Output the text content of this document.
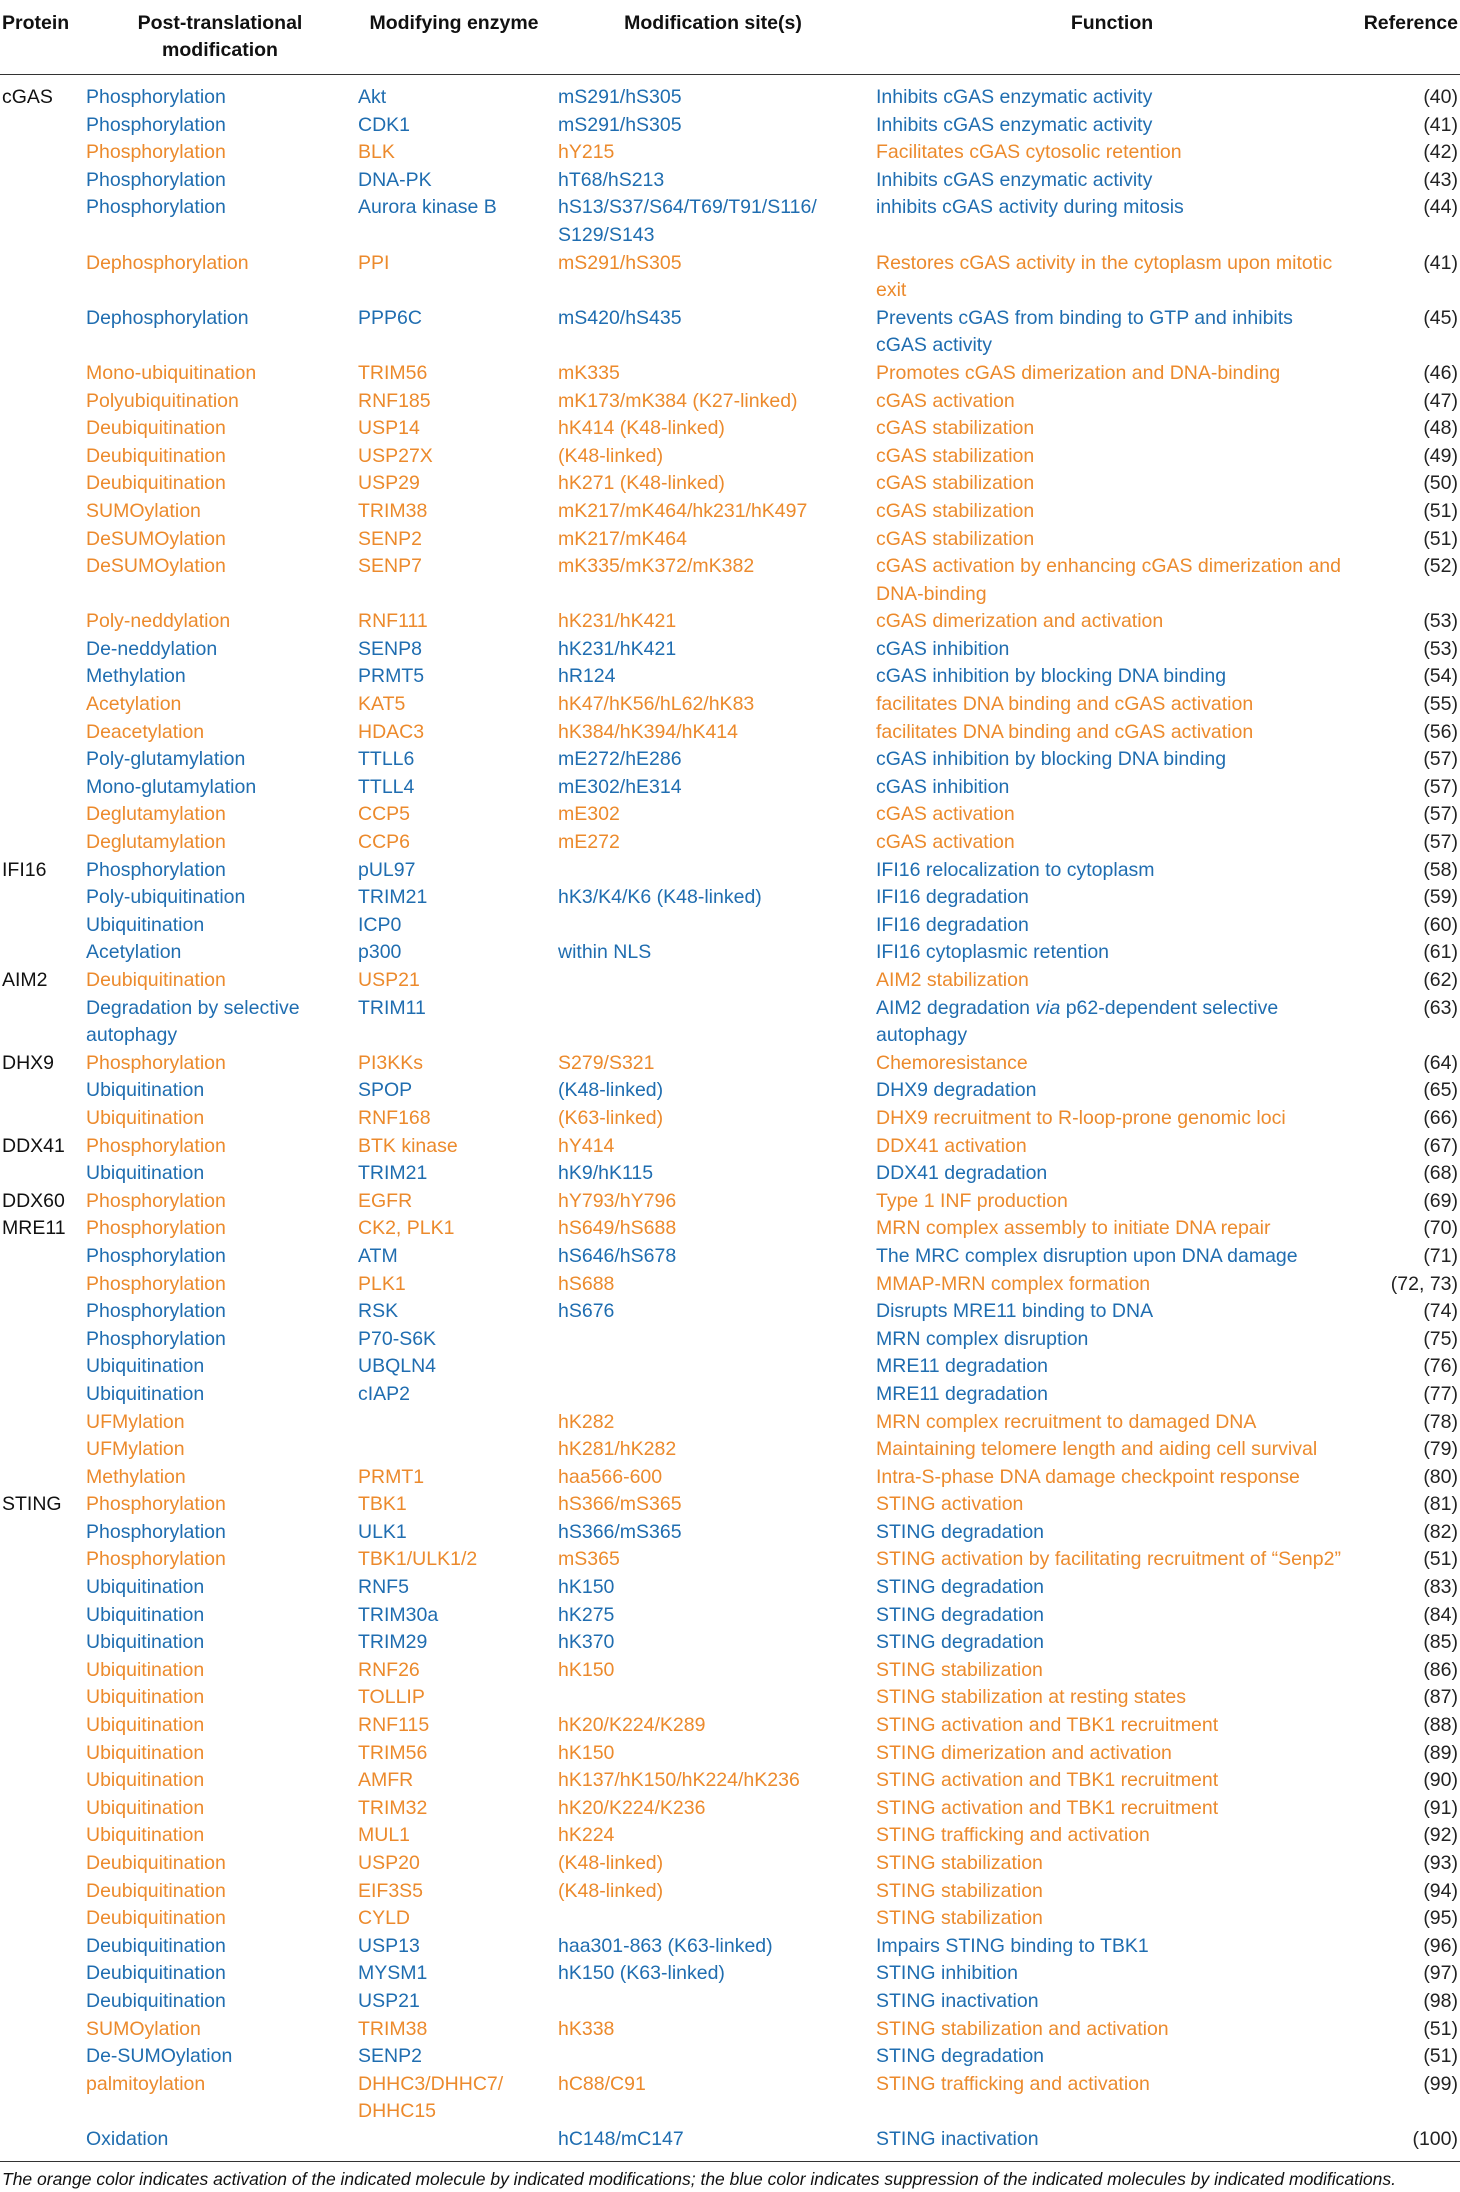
Protein	Post-translational modification	Modifying enzyme	Modification site(s)	Function	Reference
cGAS	Phosphorylation	Akt	mS291/hS305	Inhibits cGAS enzymatic activity	(40)
	Phosphorylation	CDK1	mS291/hS305	Inhibits cGAS enzymatic activity	(41)
	Phosphorylation	BLK	hY215	Facilitates cGAS cytosolic retention	(42)
	Phosphorylation	DNA-PK	hT68/hS213	Inhibits cGAS enzymatic activity	(43)
	Phosphorylation	Aurora kinase B	hS13/S37/S64/T69/T91/S116/ S129/S143	inhibits cGAS activity during mitosis	(44)
	Dephosphorylation	PPI	mS291/hS305	Restores cGAS activity in the cytoplasm upon mitotic exit	(41)
	Dephosphorylation	PPP6C	mS420/hS435	Prevents cGAS from binding to GTP and inhibits cGAS activity	(45)
	Mono-ubiquitination	TRIM56	mK335	Promotes cGAS dimerization and DNA-binding	(46)
	Polyubiquitination	RNF185	mK173/mK384 (K27-linked)	cGAS activation	(47)
	Deubiquitination	USP14	hK414 (K48-linked)	cGAS stabilization	(48)
	Deubiquitination	USP27X	(K48-linked)	cGAS stabilization	(49)
	Deubiquitination	USP29	hK271 (K48-linked)	cGAS stabilization	(50)
	SUMOylation	TRIM38	mK217/mK464/hk231/hK497	cGAS stabilization	(51)
	DeSUMOylation	SENP2	mK217/mK464	cGAS stabilization	(51)
	DeSUMOylation	SENP7	mK335/mK372/mK382	cGAS activation by enhancing cGAS dimerization and DNA-binding	(52)
	Poly-neddylation	RNF111	hK231/hK421	cGAS dimerization and activation	(53)
	De-neddylation	SENP8	hK231/hK421	cGAS inhibition	(53)
	Methylation	PRMT5	hR124	cGAS inhibition by blocking DNA binding	(54)
	Acetylation	KAT5	hK47/hK56/hL62/hK83	facilitates DNA binding and cGAS activation	(55)
	Deacetylation	HDAC3	hK384/hK394/hK414	facilitates DNA binding and cGAS activation	(56)
	Poly-glutamylation	TTLL6	mE272/hE286	cGAS inhibition by blocking DNA binding	(57)
	Mono-glutamylation	TTLL4	mE302/hE314	cGAS inhibition	(57)
	Deglutamylation	CCP5	mE302	cGAS activation	(57)
	Deglutamylation	CCP6	mE272	cGAS activation	(57)
IFI16	Phosphorylation	pUL97		IFI16 relocalization to cytoplasm	(58)
	Poly-ubiquitination	TRIM21	hK3/K4/K6 (K48-linked)	IFI16 degradation	(59)
	Ubiquitination	ICP0		IFI16 degradation	(60)
	Acetylation	p300	within NLS	IFI16 cytoplasmic retention	(61)
AIM2	Deubiquitination	USP21		AIM2 stabilization	(62)
	Degradation by selective autophagy	TRIM11		AIM2 degradation via p62-dependent selective autophagy	(63)
DHX9	Phosphorylation	PI3KKs	S279/S321	Chemoresistance	(64)
	Ubiquitination	SPOP	(K48-linked)	DHX9 degradation	(65)
	Ubiquitination	RNF168	(K63-linked)	DHX9 recruitment to R-loop-prone genomic loci	(66)
DDX41	Phosphorylation	BTK kinase	hY414	DDX41 activation	(67)
	Ubiquitination	TRIM21	hK9/hK115	DDX41 degradation	(68)
DDX60	Phosphorylation	EGFR	hY793/hY796	Type 1 INF production	(69)
MRE11	Phosphorylation	CK2, PLK1	hS649/hS688	MRN complex assembly to initiate DNA repair	(70)
	Phosphorylation	ATM	hS646/hS678	The MRC complex disruption upon DNA damage	(71)
	Phosphorylation	PLK1	hS688	MMAP-MRN complex formation	(72, 73)
	Phosphorylation	RSK	hS676	Disrupts MRE11 binding to DNA	(74)
	Phosphorylation	P70-S6K		MRN complex disruption	(75)
	Ubiquitination	UBQLN4		MRE11 degradation	(76)
	Ubiquitination	cIAP2		MRE11 degradation	(77)
	UFMylation		hK282	MRN complex recruitment to damaged DNA	(78)
	UFMylation		hK281/hK282	Maintaining telomere length and aiding cell survival	(79)
	Methylation	PRMT1	haa566-600	Intra-S-phase DNA damage checkpoint response	(80)
STING	Phosphorylation	TBK1	hS366/mS365	STING activation	(81)
	Phosphorylation	ULK1	hS366/mS365	STING degradation	(82)
	Phosphorylation	TBK1/ULK1/2	mS365	STING activation by facilitating recruitment of “Senp2”	(51)
	Ubiquitination	RNF5	hK150	STING degradation	(83)
	Ubiquitination	TRIM30a	hK275	STING degradation	(84)
	Ubiquitination	TRIM29	hK370	STING degradation	(85)
	Ubiquitination	RNF26	hK150	STING stabilization	(86)
	Ubiquitination	TOLLIP		STING stabilization at resting states	(87)
	Ubiquitination	RNF115	hK20/K224/K289	STING activation and TBK1 recruitment	(88)
	Ubiquitination	TRIM56	hK150	STING dimerization and activation	(89)
	Ubiquitination	AMFR	hK137/hK150/hK224/hK236	STING activation and TBK1 recruitment	(90)
	Ubiquitination	TRIM32	hK20/K224/K236	STING activation and TBK1 recruitment	(91)
	Ubiquitination	MUL1	hK224	STING trafficking and activation	(92)
	Deubiquitination	USP20	(K48-linked)	STING stabilization	(93)
	Deubiquitination	EIF3S5	(K48-linked)	STING stabilization	(94)
	Deubiquitination	CYLD		STING stabilization	(95)
	Deubiquitination	USP13	haa301-863 (K63-linked)	Impairs STING binding to TBK1	(96)
	Deubiquitination	MYSM1	hK150 (K63-linked)	STING inhibition	(97)
	Deubiquitination	USP21		STING inactivation	(98)
	SUMOylation	TRIM38	hK338	STING stabilization and activation	(51)
	De-SUMOylation	SENP2		STING degradation	(51)
	palmitoylation	DHHC3/DHHC7/ DHHC15	hC88/C91	STING trafficking and activation	(99)
	Oxidation		hC148/mC147	STING inactivation	(100)
The orange color indicates activation of the indicated molecule by indicated modifications; the blue color indicates suppression of the indicated molecules by indicated modifications.
